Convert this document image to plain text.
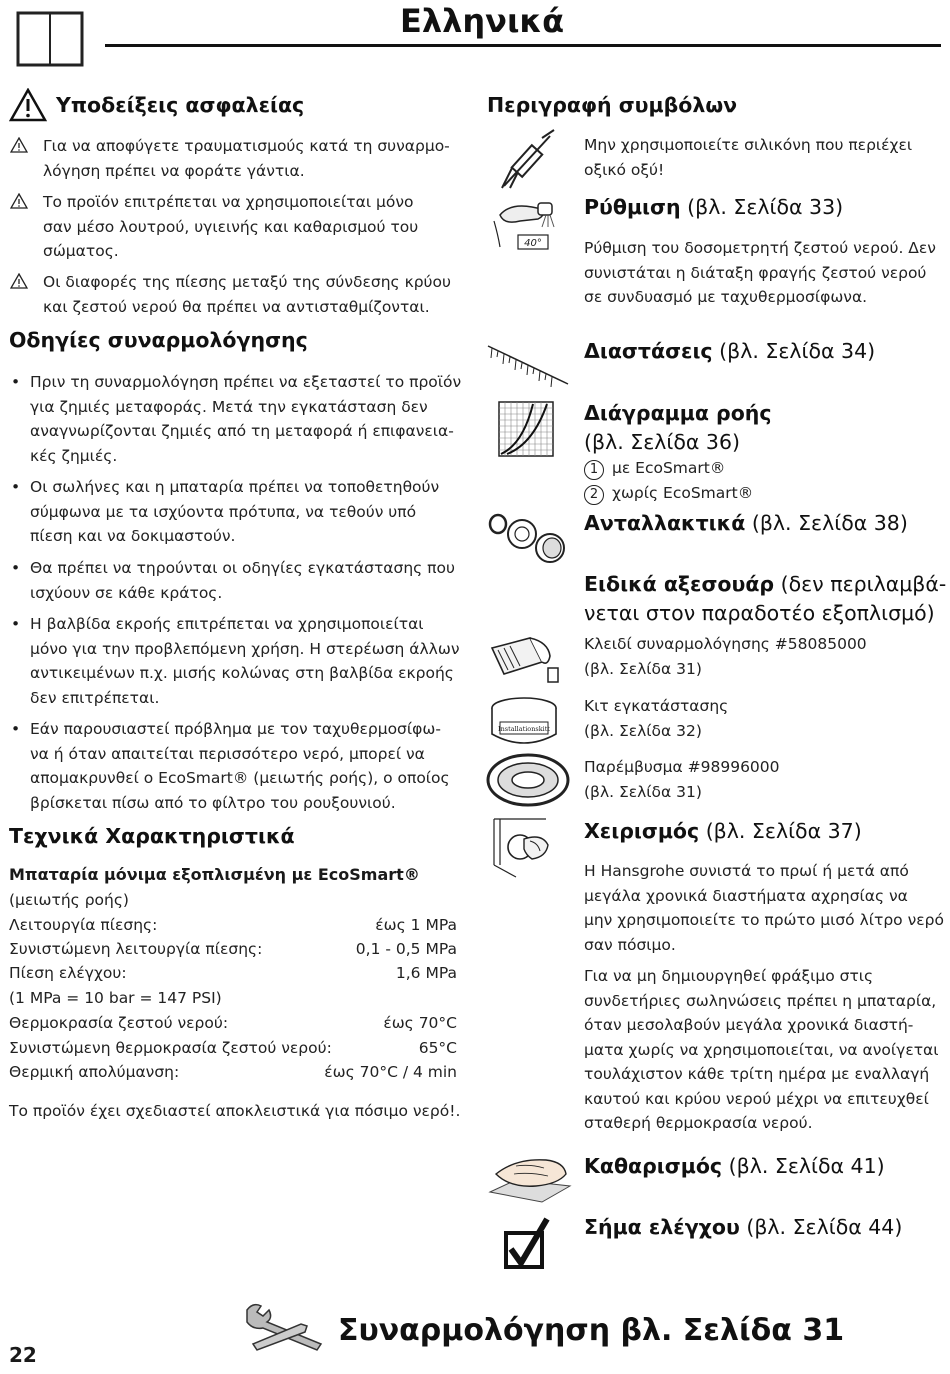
Ελληνικά
Υποδείξεις ασφαλείας
Για να αποφύγετε τραυματισμούς κατά τη συναρμο-
λόγηση πρέπει να φοράτε γάντια.
Το προϊόν επιτρέπεται να χρησιμοποιείται μόνο
σαν μέσο λουτρού, υγιεινής και καθαρισμού του
σώματος.
Οι διαφορές της πίεσης μεταξύ της σύνδεσης κρύου
και ζεστού νερού θα πρέπει να αντισταθμίζονται.
Οδηγίες συναρμολόγησης
• Πριν τη συναρμολόγηση πρέπει να εξεταστεί το προϊόν
για ζημιές μεταφοράς. Μετά την εγκατάσταση δεν
αναγνωρίζονται ζημιές από τη μεταφορά ή επιφανεια-
κές ζημιές.
• Οι σωλήνες και η μπαταρία πρέπει να τοποθετηθούν
σύμφωνα με τα ισχύοντα πρότυπα, να τεθούν υπό
πίεση και να δοκιμαστούν.
• Θα πρέπει να τηρούνται οι οδηγίες εγκατάστασης που
ισχύουν σε κάθε κράτος.
• Η βαλβίδα εκροής επιτρέπεται να χρησιμοποιείται
μόνο για την προβλεπόμενη χρήση. Η στερέωση άλλων
αντικειμένων π.χ. μισής κολώνας στη βαλβίδα εκροής
δεν επιτρέπεται.
• Εάν παρουσιαστεί πρόβλημα με τον ταχυθερμοσίφω-
να ή όταν απαιτείται περισσότερο νερό, μπορεί να
απομακρυνθεί ο EcoSmart® (μειωτής ροής), ο οποίος
βρίσκεται πίσω από το φίλτρο του ρουξουνιού.
Τεχνικά Χαρακτηριστικά
Μπαταρία μόνιμα εξοπλισμένη με EcoSmart®
(μειωτής ροής)
Λειτουργία πίεσης:	έως 1 MPa
Συνιστώμενη λειτουργία πίεσης:	0,1 - 0,5 MPa
Πίεση ελέγχου:	1,6 MPa
(1 MPa = 10 bar = 147 PSI)
Θερμοκρασία ζεστού νερού:	έως 70°C
Συνιστώμενη θερμοκρασία ζεστού νερού:	65°C
Θερμική απολύμανση:	έως 70°C / 4 min
Το προϊόν έχει σχεδιαστεί αποκλειστικά για πόσιμο νερό!.
Περιγραφή συμβόλων
Μην χρησιμοποιείτε σιλικόνη που περιέχει
οξικό οξύ!
40°
Ρύθμιση (βλ. Σελίδα 33)
Ρύθμιση του δοσομετρητή ζεστού νερού. Δεν
συνιστάται η διάταξη φραγής ζεστού νερού
σε συνδυασμό με ταχυθερμοσίφωνα.
Διαστάσεις (βλ. Σελίδα 34)
Διάγραμμα ροής
(βλ. Σελίδα 36)
1 με EcoSmart®
2 χωρίς EcoSmart®
Ανταλλακτικά (βλ. Σελίδα 38)
Ειδικά αξεσουάρ (δεν περιλαμβά-
νεται στον παραδοτέο εξοπλισμό)
Κλειδί συναρμολόγησης #58085000
(βλ. Σελίδα 31)
Installationskitt
Κιτ εγκατάστασης
(βλ. Σελίδα 32)
Παρέμβυσμα #98996000
(βλ. Σελίδα 31)
Χειρισμός (βλ. Σελίδα 37)
Η Hansgrohe συνιστά το πρωί ή μετά από
μεγάλα χρονικά διαστήματα αχρησίας να
μην χρησιμοποιείτε το πρώτο μισό λίτρο νερό
σαν πόσιμο.
Για να μη δημιουργηθεί φράξιμο στις
συνδετήριες σωληνώσεις πρέπει η μπαταρία,
όταν μεσολαβούν μεγάλα χρονικά διαστή-
ματα χωρίς να χρησιμοποιείται, να ανοίγεται
τουλάχιστον κάθε τρίτη ημέρα με εναλλαγή
καυτού και κρύου νερού μέχρι να επιτευχθεί
σταθερή θερμοκρασία νερού.
Καθαρισμός (βλ. Σελίδα 41)
Σήμα ελέγχου (βλ. Σελίδα 44)
22
Συναρμολόγηση βλ. Σελίδα 31
